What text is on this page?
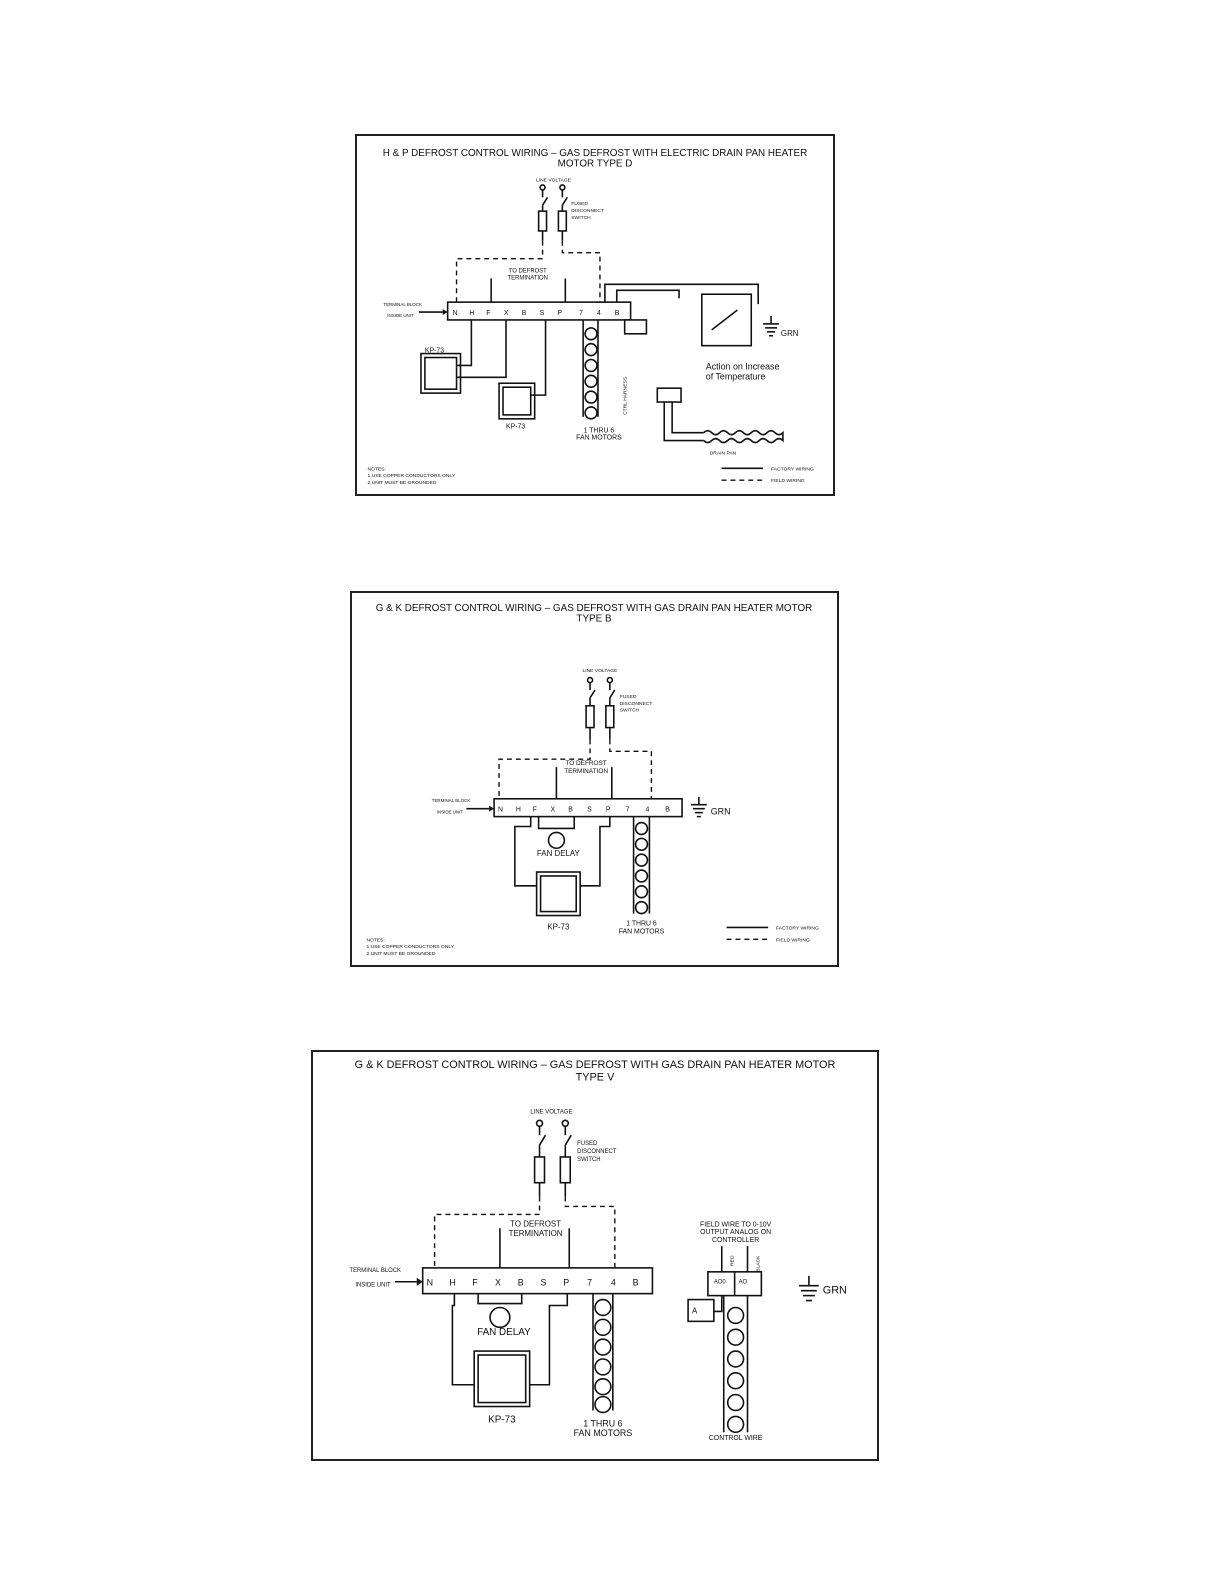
H & P DEFROST CONTROL WIRING – GAS DEFROST WITH ELECTRIC DRAIN PAN HEATER
MOTOR TYPE D
LINE VOLTAGE
FUSED
DISCONNECT
SWITCH
TO DEFROST
TERMINATION
TERMINAL BLOCK
INSIDE UNIT	N H F X B S P 7 4 B
Action on Increase
of Temperature
GRN
KP-73
KP-73
1 THRU 6
FAN MOTORS
CTRL HARNESS
DRAIN PAN
FACTORY WIRING
FIELD WIRING
NOTES:
1.USE COPPER CONDUCTORS ONLY
2.UNIT MUST BE GROUNDED
G & K DEFROST CONTROL WIRING – GAS DEFROST WITH GAS DRAIN PAN HEATER MOTOR
TYPE B
LINE VOLTAGE
FUSED
DISCONNECT
SWITCH
TO DEFROST
TERMINATION
TERMINAL BLOCK
INSIDE UNIT	N H F X B S P 7 4 B	GRN
FAN DELAY
KP-73	1 THRU 6
FAN MOTORS	FACTORY WIRING
FIELD WIRING
NOTES:
1.USE COPPER CONDUCTORS ONLY
2.UNIT MUST BE GROUNDED
G & K DEFROST CONTROL WIRING – GAS DEFROST WITH GAS DRAIN PAN HEATER MOTOR
TYPE V
LINE VOLTAGE
FUSED
DISCONNECT
SWITCH
TO DEFROST
TERMINATION
TERMINAL BLOCK
INSIDE UNIT	N H F X B S P 7 4 B
FAN DELAY
KP-73	1 THRU 6
FAN MOTORS
FIELD WIRE TO 0-10V
OUTPUT ANALOG ON
CONTROLLER
RED	BLACK
AO0 AO
A
CONTROL WIRE
GRN
